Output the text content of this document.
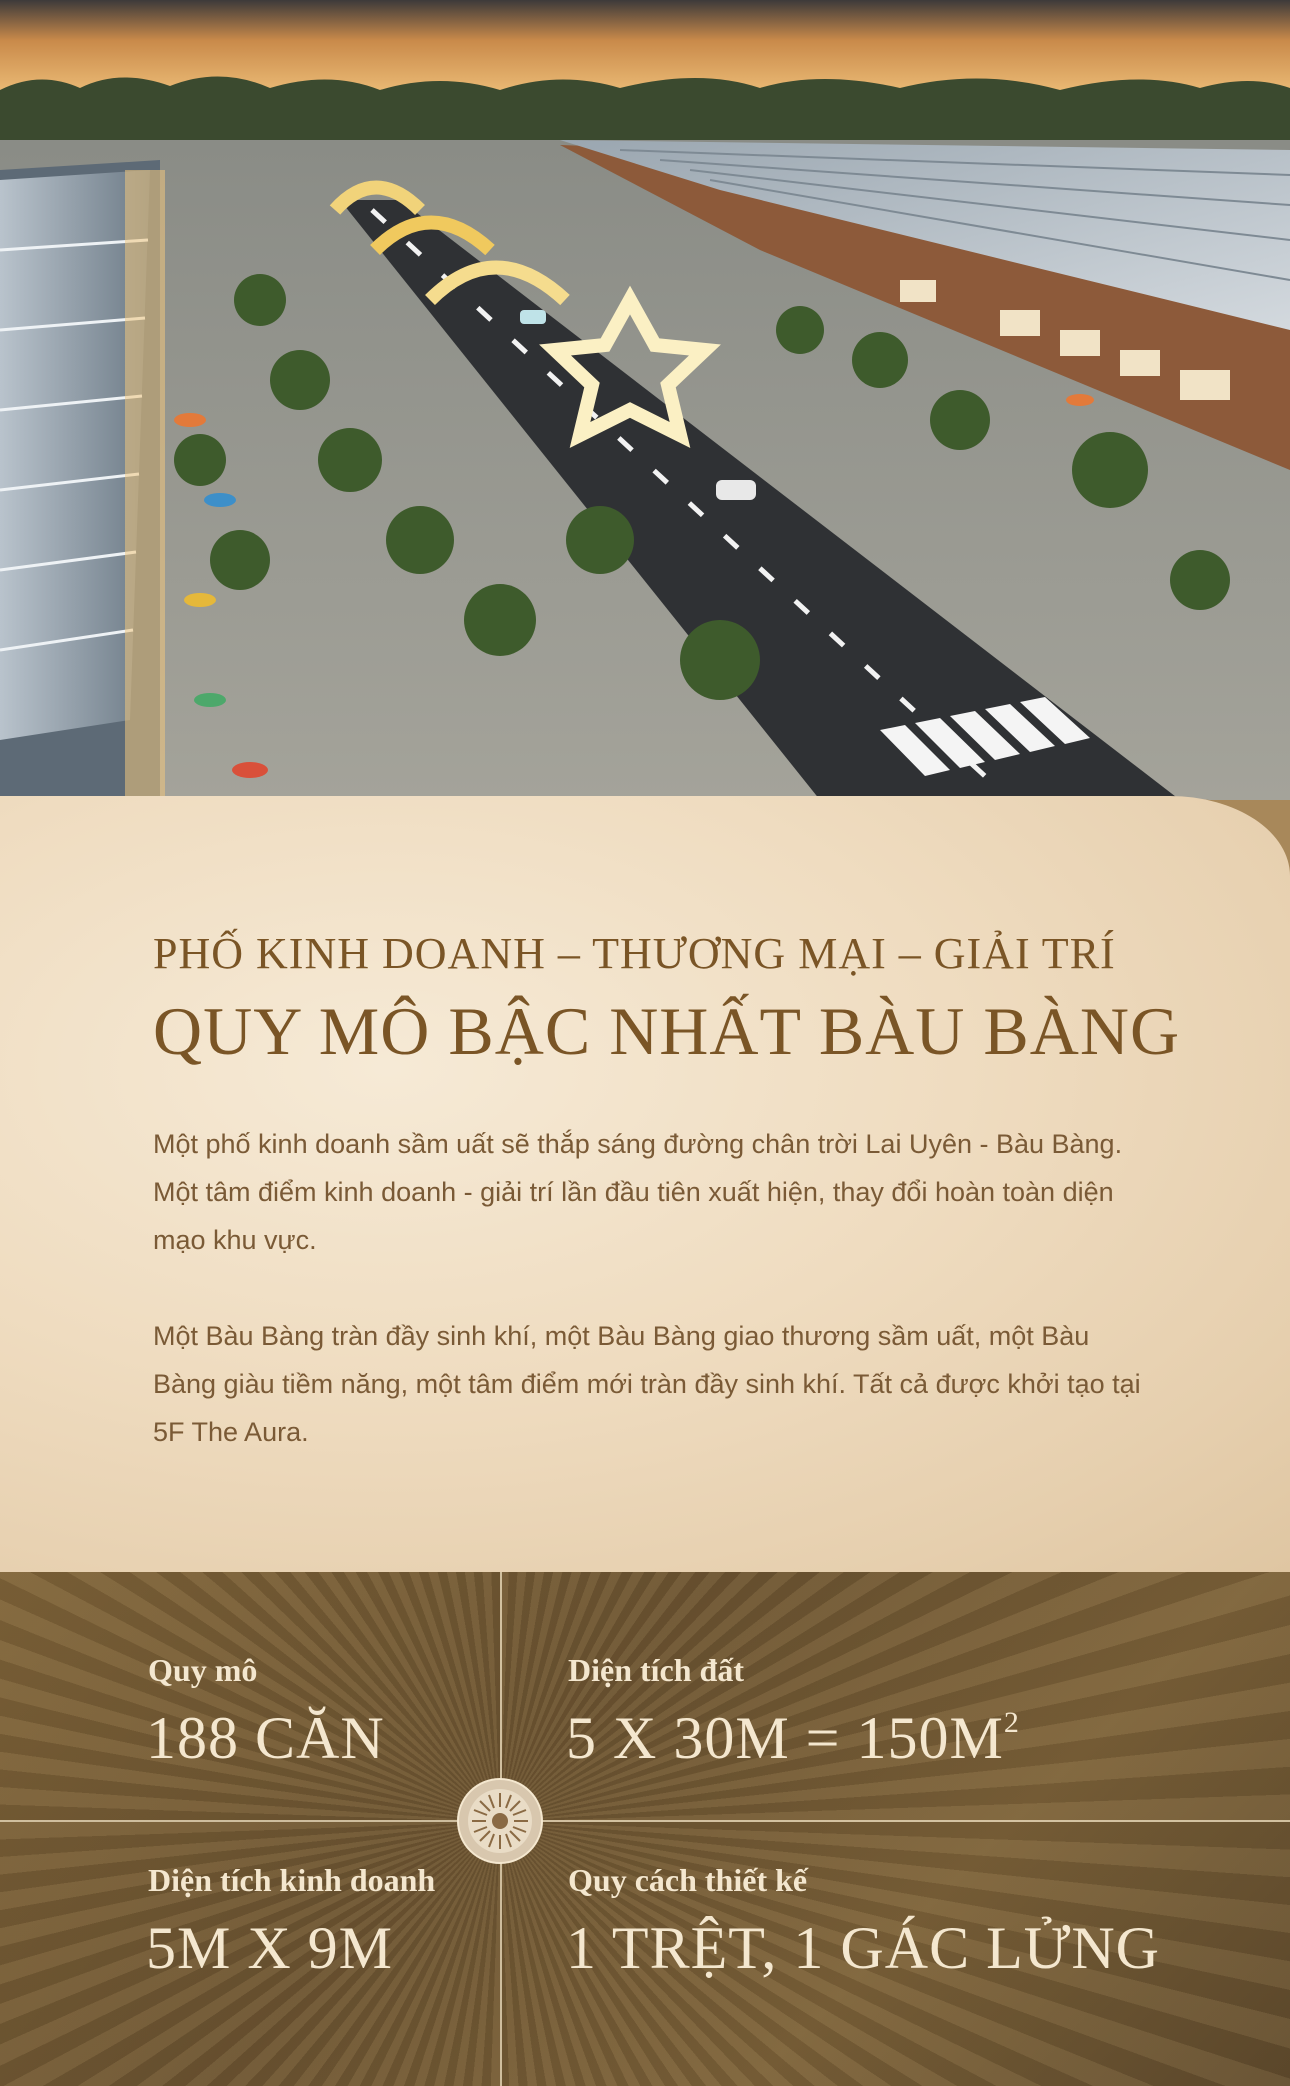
PHỐ KINH DOANH – THƯƠNG MẠI – GIẢI TRÍ
QUY MÔ BẬC NHẤT BÀU BÀNG

Một phố kinh doanh sầm uất sẽ thắp sáng đường chân trời Lai Uyên - Bàu Bàng. Một tâm điểm kinh doanh - giải trí lần đầu tiên xuất hiện, thay đổi hoàn toàn diện mạo khu vực.

Một Bàu Bàng tràn đầy sinh khí, một Bàu Bàng giao thương sầm uất, một Bàu Bàng giàu tiềm năng, một tâm điểm mới tràn đầy sinh khí. Tất cả được khởi tạo tại 5F The Aura.

Quy mô
188 CĂN
Diện tích đất
5 X $30M = 150M^2$
Diện tích kinh doanh
5M X 9M
Quy cách thiết kế
1 TRỆT, 1 GÁC LỬNG
